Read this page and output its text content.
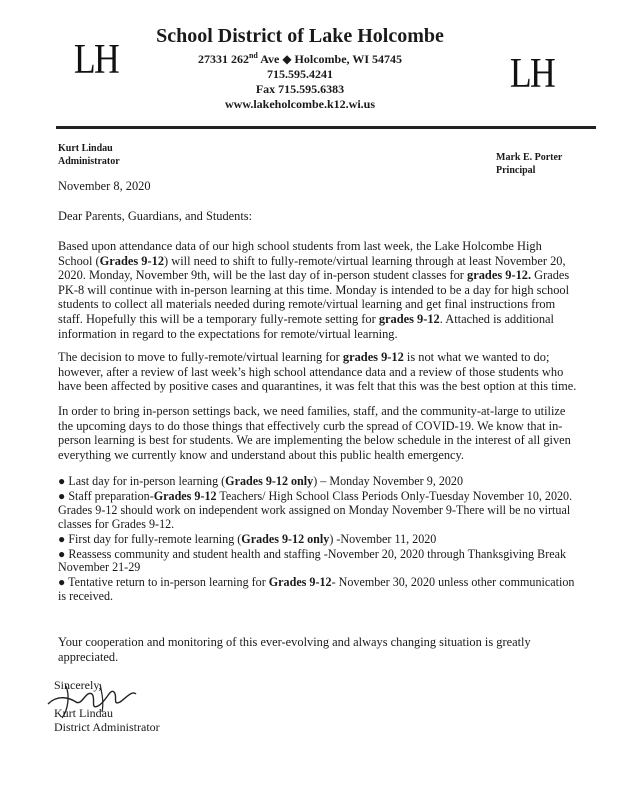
LH	LH
School District of Lake Holcombe
27331 262nd Ave ◆ Holcombe, WI 54745
715.595.4241
Fax 715.595.6383
www.lakeholcombe.k12.wi.us
Kurt Lindau
Administrator	Mark E. Porter
Principal
November 8, 2020
Dear Parents, Guardians, and Students:
Based upon attendance data of our high school students from last week, the Lake Holcombe High School (Grades 9-12) will need to shift to fully-remote/virtual learning through at least November 20, 2020. Monday, November 9th, will be the last day of in-person student classes for grades 9-12. Grades PK-8 will continue with in-person learning at this time. Monday is intended to be a day for high school students to collect all materials needed during remote/virtual learning and get final instructions from staff. Hopefully this will be a temporary fully-remote setting for grades 9-12. Attached is additional information in regard to the expectations for remote/virtual learning.
The decision to move to fully-remote/virtual learning for grades 9-12 is not what we wanted to do; however, after a review of last week’s high school attendance data and a review of those students who have been affected by positive cases and quarantines, it was felt that this was the best option at this time.
In order to bring in-person settings back, we need families, staff, and the community-at-large to utilize the upcoming days to do those things that effectively curb the spread of COVID-19. We know that in-person learning is best for students. We are implementing the below schedule in the interest of all given everything we currently know and understand about this public health emergency.
● Last day for in-person learning (Grades 9-12 only) – Monday November 9, 2020
● Staff preparation-Grades 9-12 Teachers/ High School Class Periods Only-Tuesday November 10, 2020. Grades 9-12 should work on independent work assigned on Monday November 9-There will be no virtual classes for Grades 9-12.
● First day for fully-remote learning (Grades 9-12 only) -November 11, 2020
● Reassess community and student health and staffing -November 20, 2020 through Thanksgiving Break November 21-29
● Tentative return to in-person learning for Grades 9-12- November 30, 2020 unless other communication is received.
Your cooperation and monitoring of this ever-evolving and always changing situation is greatly appreciated.
Sincerely,
Kurt Lindau
District Administrator
